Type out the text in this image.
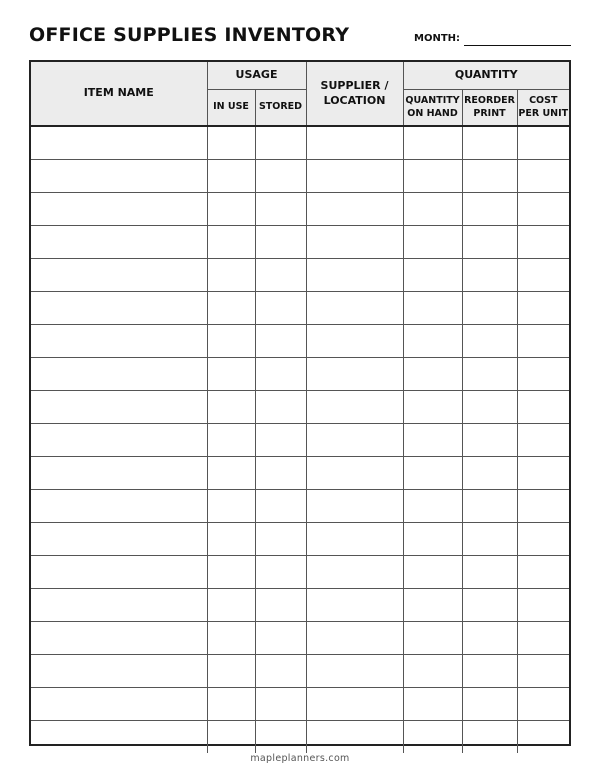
OFFICE SUPPLIES INVENTORY	MONTH:
ITEM NAME	USAGE		SUPPLIER / LOCATION	QUANTITY		
	IN USE	STORED		QUANTITY ON HAND	REORDER PRINT	COST PER UNIT

mapleplanners.com
